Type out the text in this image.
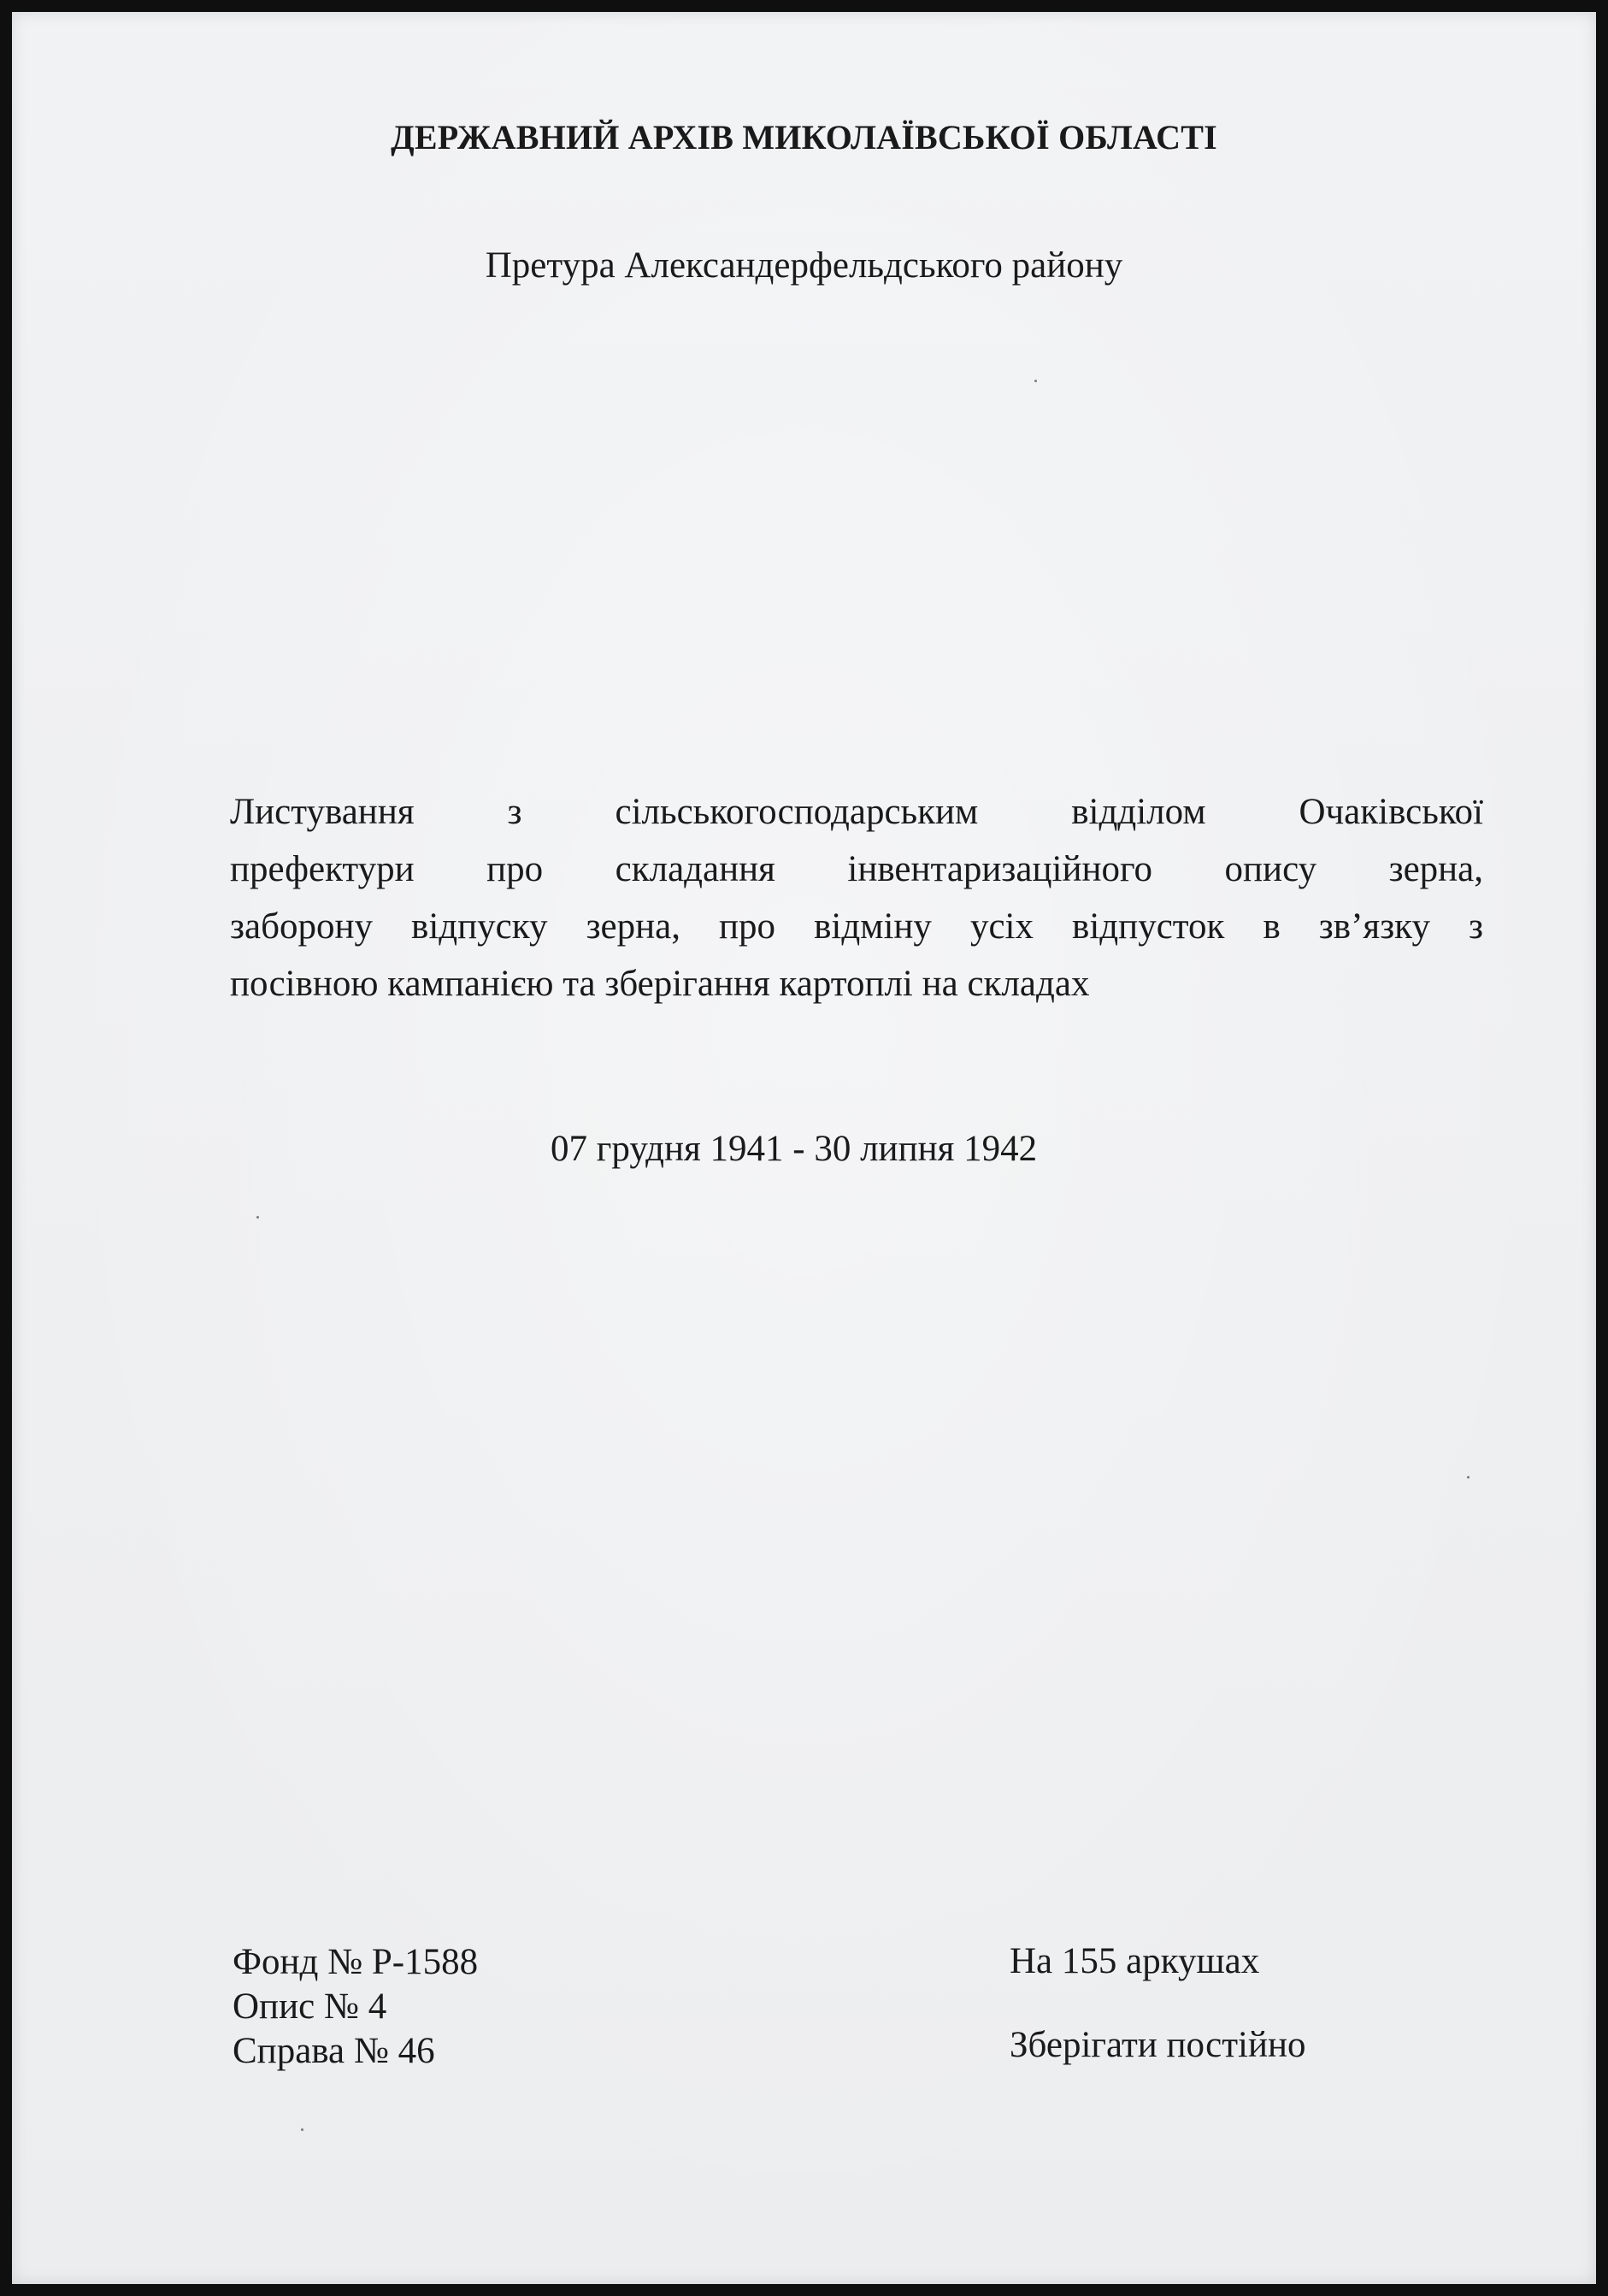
ДЕРЖАВНИЙ АРХІВ МИКОЛАЇВСЬКОЇ ОБЛАСТІ
Претура Александерфельдського району
Листування з сільськогосподарським відділом Очаківської
префектури про складання інвентаризаційного опису зерна,
заборону відпуску зерна, про відміну усіх відпусток в зв’язку з
посівною кампанією та зберігання картоплі на складах
07 грудня 1941 - 30 липня 1942
Фонд № Р-1588
Опис № 4
Справа № 46
На 155 аркушах
Зберігати постійно
